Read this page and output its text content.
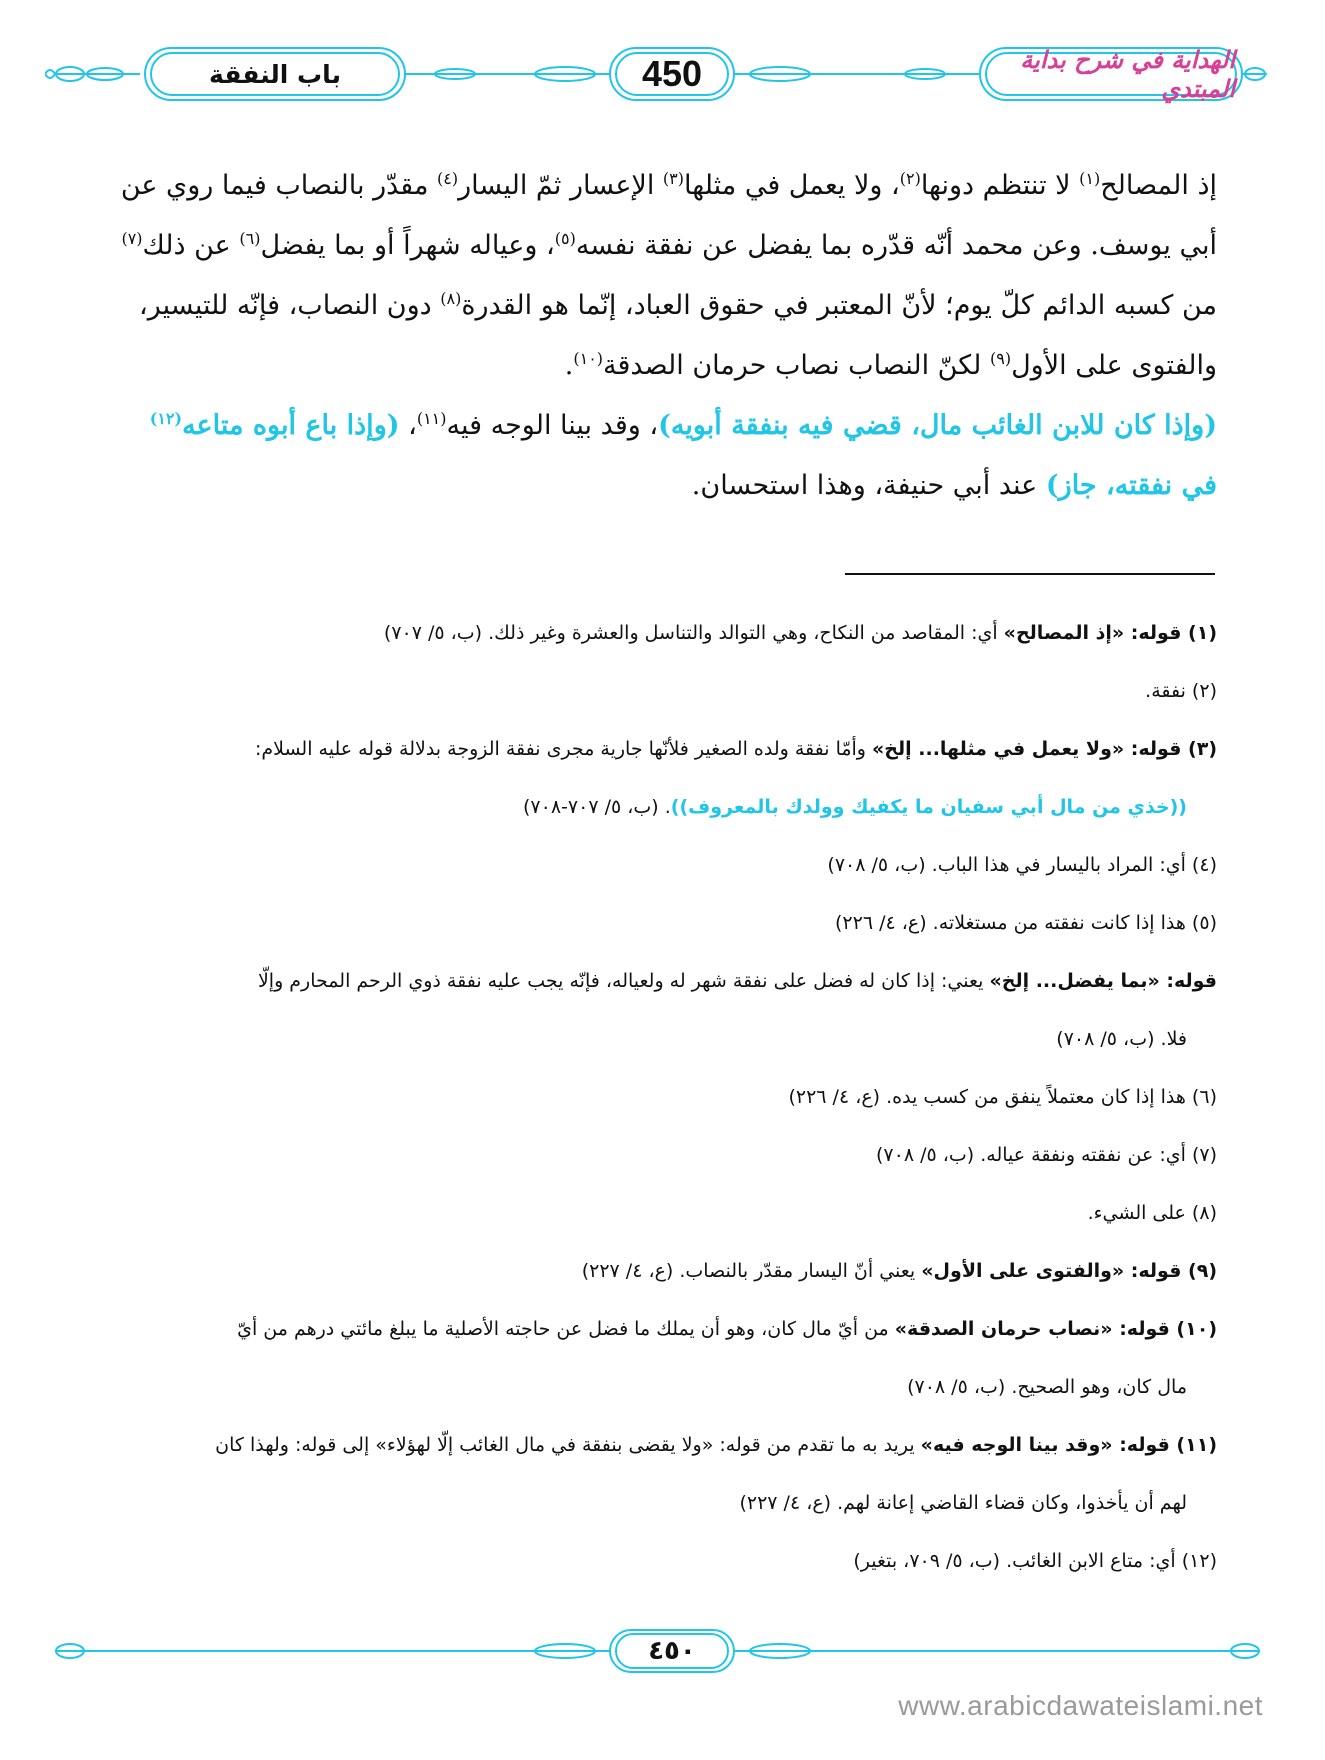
الهداية في شرح بداية المبتدي
450
باب النفقة

إذ المصالح$^{(١)}$ لا تنتظم دونها$^{(٢)}$، ولا يعمل في مثلها$^{(٣)}$ الإعسار ثمّ اليسار$^{(٤)}$ مقدّر بالنصاب فيما روي عن
أبي يوسف. وعن محمد أنّه قدّره بما يفضل عن نفقة نفسه$^{(٥)}$، وعياله شهراً أو بما يفضل$^{(٦)}$ عن ذلك$^{(٧)}$
من كسبه الدائم كلّ يوم؛ لأنّ المعتبر في حقوق العباد، إنّما هو القدرة$^{(٨)}$ دون النصاب، فإنّه للتيسير،
والفتوى على الأول$^{(٩)}$ لكنّ النصاب نصاب حرمان الصدقة$^{(١٠)}$.

(وإذا كان للابن الغائب مال، قضي فيه بنفقة أبويه)، وقد بينا الوجه فيه$^{(١١)}$، (وإذا باع أبوه متاعه$^{(١٢)}$
في نفقته، جاز) عند أبي حنيفة، وهذا استحسان.

(١) قوله: «إذ المصالح» أي: المقاصد من النكاح، وهي التوالد والتناسل والعشرة وغير ذلك. (ب، ٥/ ٧٠٧)

(٢) نفقة.

(٣) قوله: «ولا يعمل في مثلها... إلخ» وأمّا نفقة ولده الصغير فلأنّها جارية مجرى نفقة الزوجة بدلالة قوله عليه السلام:
((خذي من مال أبي سفيان ما يكفيك وولدك بالمعروف)). (ب، ٥/ ٧٠٧-٧٠٨)

(٤) أي: المراد باليسار في هذا الباب. (ب، ٥/ ٧٠٨)

(٥) هذا إذا كانت نفقته من مستغلاته. (ع، ٤/ ٢٢٦)

قوله: «بما يفضل... إلخ» يعني: إذا كان له فضل على نفقة شهر له ولعياله، فإنّه يجب عليه نفقة ذوي الرحم المحارم وإلّا
فلا. (ب، ٥/ ٧٠٨)

(٦) هذا إذا كان معتملاً ينفق من كسب يده. (ع، ٤/ ٢٢٦)

(٧) أي: عن نفقته ونفقة عياله. (ب، ٥/ ٧٠٨)

(٨) على الشيء.

(٩) قوله: «والفتوى على الأول» يعني أنّ اليسار مقدّر بالنصاب. (ع، ٤/ ٢٢٧)

(١٠) قوله: «نصاب حرمان الصدقة» من أيّ مال كان، وهو أن يملك ما فضل عن حاجته الأصلية ما يبلغ مائتي درهم من أيّ
مال كان، وهو الصحيح. (ب، ٥/ ٧٠٨)

(١١) قوله: «وقد بينا الوجه فيه» يريد به ما تقدم من قوله: «ولا يقضى بنفقة في مال الغائب إلّا لهؤلاء» إلى قوله: ولهذا كان
لهم أن يأخذوا، وكان قضاء القاضي إعانة لهم. (ع، ٤/ ٢٢٧)

(١٢) أي: متاع الابن الغائب. (ب، ٥/ ٧٠٩، بتغير)

٤٥٠
www.arabicdawateislami.net
